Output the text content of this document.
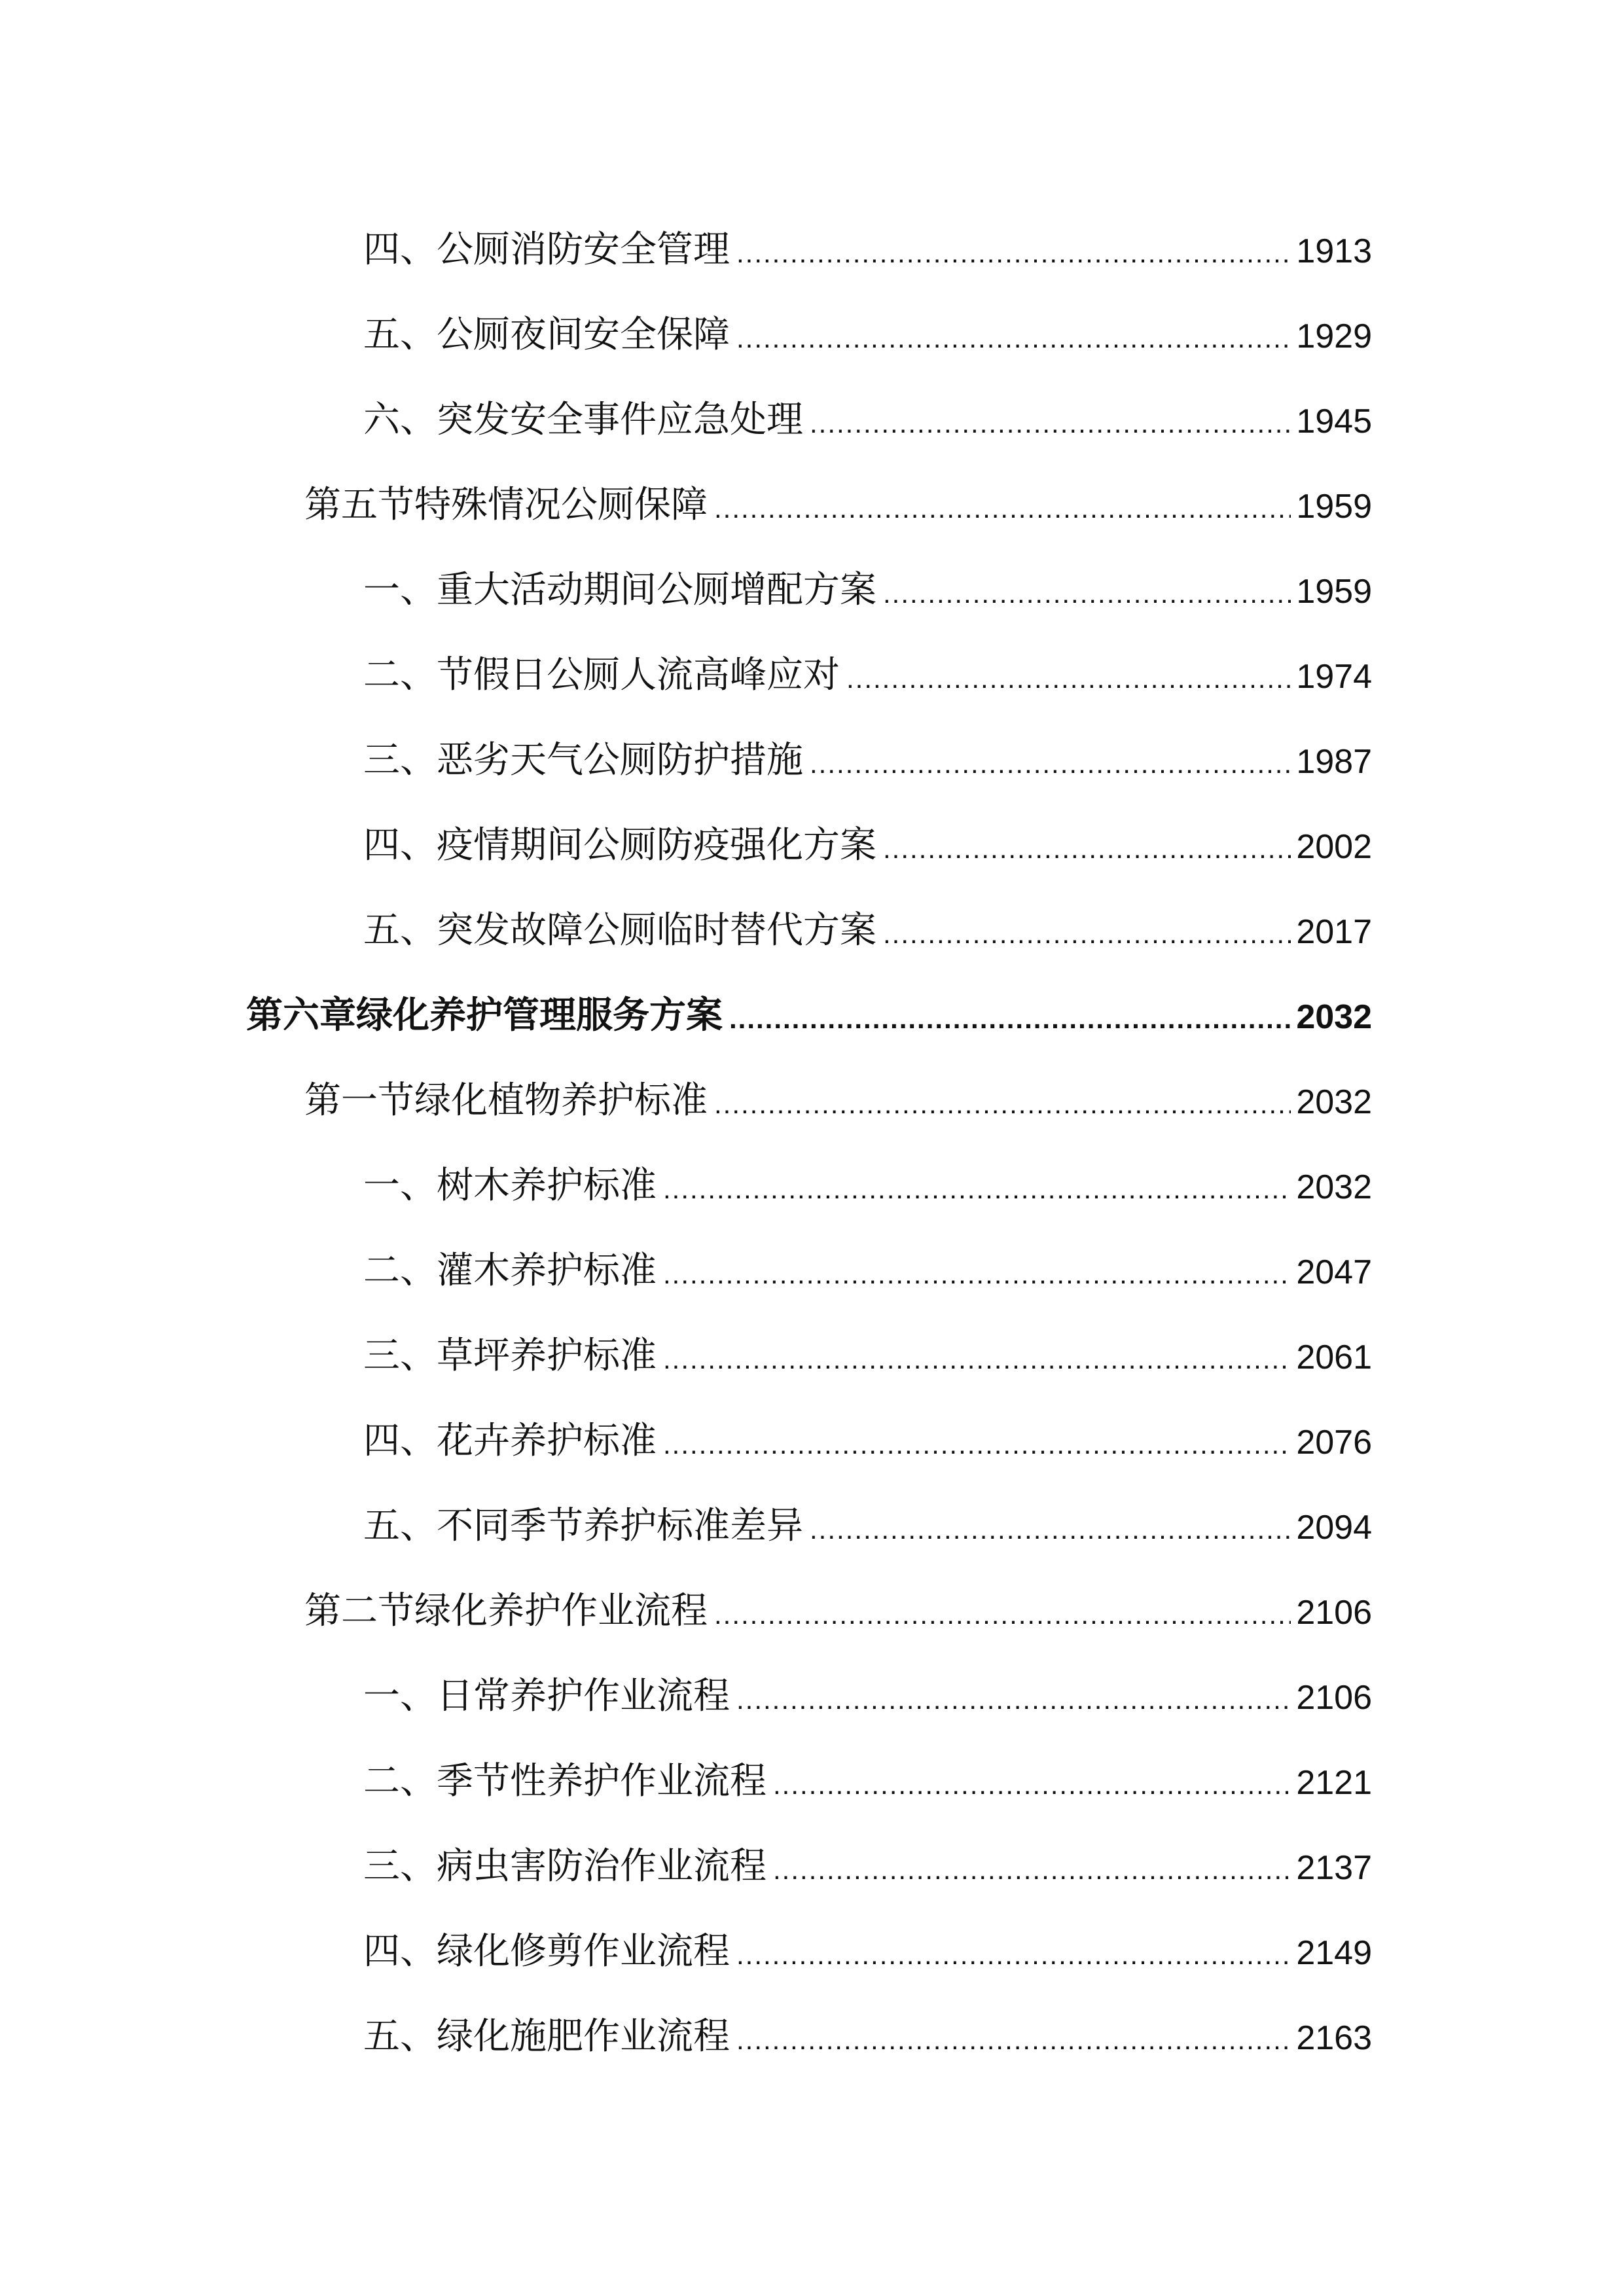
四、公厕消防安全管理 .....	1913
五、公厕夜间安全保障 .....	1929
六、突发安全事件应急处理 .....	1945
第五节特殊情况公厕保障 .....	1959
一、重大活动期间公厕增配方案 .....	1959
二、节假日公厕人流高峰应对 .....	1974
三、恶劣天气公厕防护措施 .....	1987
四、疫情期间公厕防疫强化方案 .....	2002
五、突发故障公厕临时替代方案 .....	2017
第六章绿化养护管理服务方案 .....	2032
第一节绿化植物养护标准 .....	2032
一、树木养护标准 .....	2032
二、灌木养护标准 .....	2047
三、草坪养护标准 .....	2061
四、花卉养护标准 .....	2076
五、不同季节养护标准差异 .....	2094
第二节绿化养护作业流程 .....	2106
一、日常养护作业流程 .....	2106
二、季节性养护作业流程 .....	2121
三、病虫害防治作业流程 .....	2137
四、绿化修剪作业流程 .....	2149
五、绿化施肥作业流程 .....	2163
